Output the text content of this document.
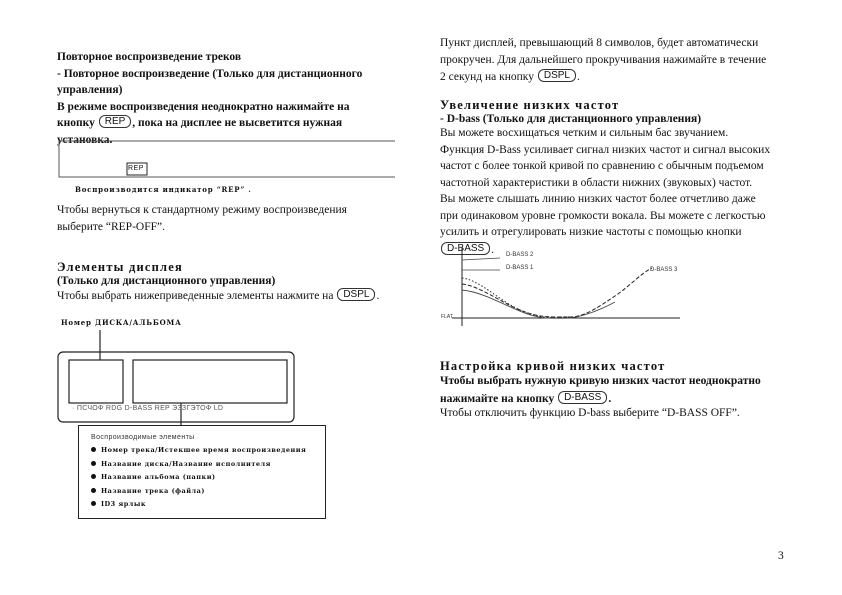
Повторное воспроизведение треков
- Повторное воспроизведение (Только для дистанционного
управления)
В режиме воспроизведения неоднократно нажимайте на
кнопку REP , пока на дисплее не высветится нужная
установка.
REP
Воспроизводится индикатор “REP” .
Чтобы вернуться к стандартному режиму воспроизведения
выберите “REP-OFF”.
Элементы дисплея
(Только для дистанционного управления)
Чтобы выбрать нижеприведенные элементы нажмите на DSPL .
Номер ДИСКА/АЛЬБОМА
· ПСЧОФ RDG D-BASS REP ЭЗЗГЭТОФ LD
Воспроизводимые элементы
Номер трека/Истекшее время воспроизведения
Название диска/Название исполнителя
Название альбома (папки)
Название трека (файла)
ID3 ярлык
Пункт дисплей, превышающий 8 символов, будет автоматически
прокручен. Для дальнейшего прокручивания нажимайте в течение
2 секунд на кнопку DSPL .
Увеличение низких частот
- D-bass (Только для дистанционного управления)
Вы можете восхищаться четким и сильным бас звучанием.
Функция D-Bass усиливает сигнал низких частот и сигнал высоких
частот с более тонкой кривой по сравнению с обычным подъемом
частотной характеристики в области нижних (звуковых) частот.
Вы можете слышать линию низких частот более отчетливо даже
при одинаковом уровне громкости вокала. Вы можете с легкостью
усилить и отрегулировать низкие частоты с помощью кнопки
D-BASS .	D-BASS 2
D-BASS 1	D-BASS 3
FLAT
Настройка кривой низких частот
Чтобы выбрать нужную кривую низких частот неоднократно
нажимайте на кнопку D-BASS .
Чтобы отключить функцию D-bass выберите “D-BASS OFF”.
3
